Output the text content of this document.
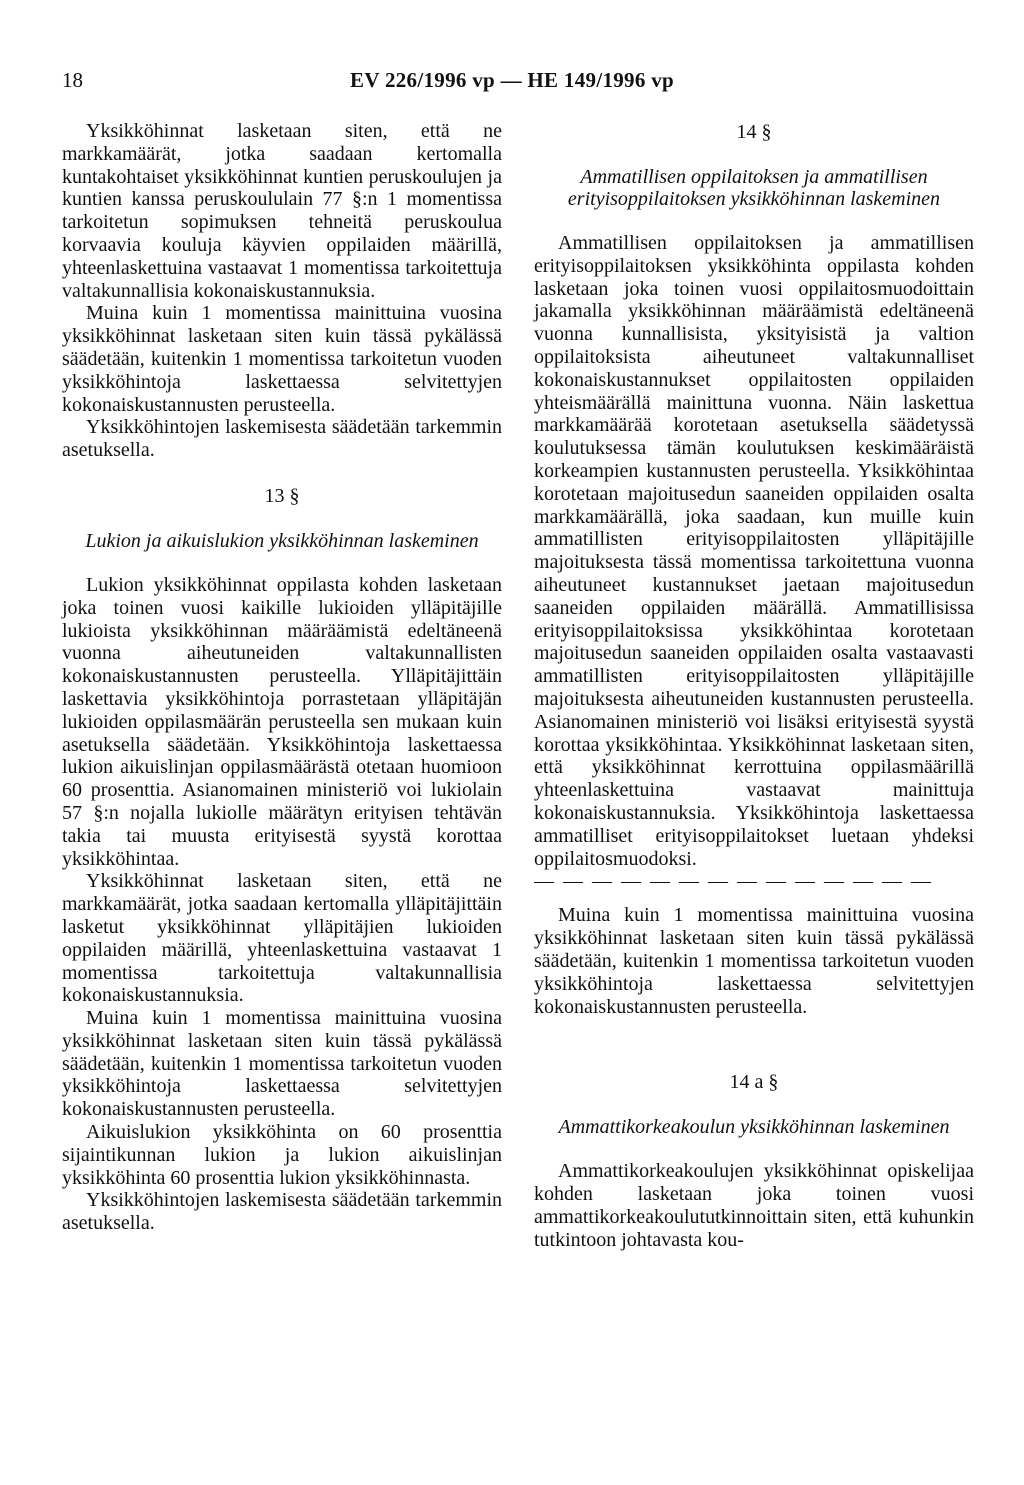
18	EV 226/1996 vp — HE 149/1996 vp

Yksikköhinnat lasketaan siten, että ne markkamäärät, jotka saadaan kertomalla kuntakohtaiset yksikköhinnat kuntien peruskoulujen ja kuntien kanssa peruskoululain 77 §:n 1 momentissa tarkoitetun sopimuksen tehneitä peruskoulua korvaavia kouluja käyvien oppilaiden määrillä, yhteenlaskettuina vastaavat 1 momentissa tarkoitettuja valtakunnallisia kokonaiskustannuksia.

Muina kuin 1 momentissa mainittuina vuosina yksikköhinnat lasketaan siten kuin tässä pykälässä säädetään, kuitenkin 1 momentissa tarkoitetun vuoden yksikköhintoja laskettaessa selvitettyjen kokonaiskustannusten perusteella.

Yksikköhintojen laskemisesta säädetään tarkemmin asetuksella.

13 §

Lukion ja aikuislukion yksikköhinnan laskeminen

Lukion yksikköhinnat oppilasta kohden lasketaan joka toinen vuosi kaikille lukioiden ylläpitäjille lukioista yksikköhinnan määräämistä edeltäneenä vuonna aiheutuneiden valtakunnallisten kokonaiskustannusten perusteella. Ylläpitäjittäin laskettavia yksikköhintoja porrastetaan ylläpitäjän lukioiden oppilasmäärän perusteella sen mukaan kuin asetuksella säädetään. Yksikköhintoja laskettaessa lukion aikuislinjan oppilasmäärästä otetaan huomioon 60 prosenttia. Asianomainen ministeriö voi lukiolain 57 §:n nojalla lukiolle määrätyn erityisen tehtävän takia tai muusta erityisestä syystä korottaa yksikköhintaa.

Yksikköhinnat lasketaan siten, että ne markkamäärät, jotka saadaan kertomalla ylläpitäjittäin lasketut yksikköhinnat ylläpitäjien lukioiden oppilaiden määrillä, yhteenlaskettuina vastaavat 1 momentissa tarkoitettuja valtakunnallisia kokonaiskustannuksia.

Muina kuin 1 momentissa mainittuina vuosina yksikköhinnat lasketaan siten kuin tässä pykälässä säädetään, kuitenkin 1 momentissa tarkoitetun vuoden yksikköhintoja laskettaessa selvitettyjen kokonaiskustannusten perusteella.

Aikuislukion yksikköhinta on 60 prosenttia sijaintikunnan lukion ja lukion aikuislinjan yksikköhinta 60 prosenttia lukion yksikköhinnasta.

Yksikköhintojen laskemisesta säädetään tarkemmin asetuksella.

14 §

Ammatillisen oppilaitoksen ja ammatillisen erityisoppilaitoksen yksikköhinnan laskeminen

Ammatillisen oppilaitoksen ja ammatillisen erityisoppilaitoksen yksikköhinta oppilasta kohden lasketaan joka toinen vuosi oppilaitosmuodoittain jakamalla yksikköhinnan määräämistä edeltäneenä vuonna kunnallisista, yksityisistä ja valtion oppilaitoksista aiheutuneet valtakunnalliset kokonaiskustannukset oppilaitosten oppilaiden yhteismäärällä mainittuna vuonna. Näin laskettua markkamäärää korotetaan asetuksella säädetyssä koulutuksessa tämän koulutuksen keskimääräistä korkeampien kustannusten perusteella. Yksikköhintaa korotetaan majoitusedun saaneiden oppilaiden osalta markkamäärällä, joka saadaan, kun muille kuin ammatillisten erityisoppilaitosten ylläpitäjille majoituksesta tässä momentissa tarkoitettuna vuonna aiheutuneet kustannukset jaetaan majoitusedun saaneiden oppilaiden määrällä. Ammatillisissa erityisoppilaitoksissa yksikköhintaa korotetaan majoitusedun saaneiden oppilaiden osalta vastaavasti ammatillisten erityisoppilaitosten ylläpitäjille majoituksesta aiheutuneiden kustannusten perusteella. Asianomainen ministeriö voi lisäksi erityisestä syystä korottaa yksikköhintaa. Yksikköhinnat lasketaan siten, että yksikköhinnat kerrottuina oppilasmäärillä yhteenlaskettuina vastaavat mainittuja kokonaiskustannuksia. Yksikköhintoja laskettaessa ammatilliset erityisoppilaitokset luetaan yhdeksi oppilaitosmuodoksi.

— — — — — — — — — — — — — —

Muina kuin 1 momentissa mainittuina vuosina yksikköhinnat lasketaan siten kuin tässä pykälässä säädetään, kuitenkin 1 momentissa tarkoitetun vuoden yksikköhintoja laskettaessa selvitettyjen kokonaiskustannusten perusteella.

14 a §

Ammattikorkeakoulun yksikköhinnan laskeminen

Ammattikorkeakoulujen yksikköhinnat opiskelijaa kohden lasketaan joka toinen vuosi ammattikorkeakoulututkinnoittain siten, että kuhunkin tutkintoon johtavasta kou-
